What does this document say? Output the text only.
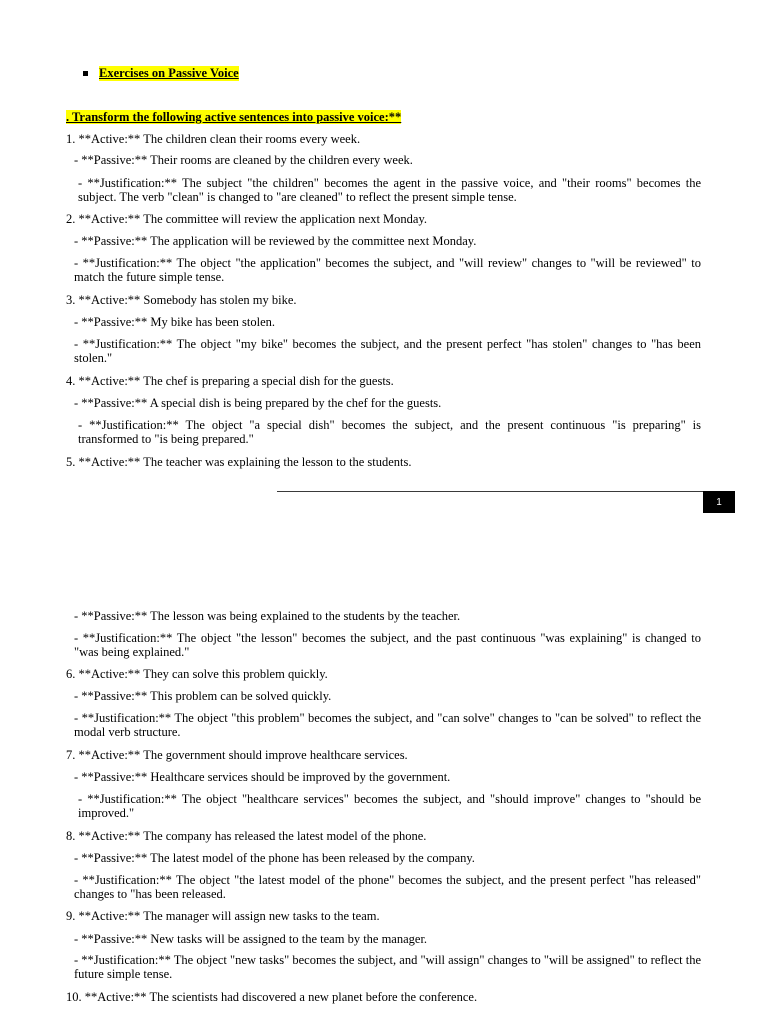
Exercises on Passive Voice
. Transform the following active sentences into passive voice:**

1. **Active:** The children clean their rooms every week.

- **Passive:** Their rooms are cleaned by the children every week.

- **Justification:** The subject "the children" becomes the agent in the passive voice, and "their rooms" becomes the subject. The verb "clean" is changed to "are cleaned" to reflect the present simple tense.

2. **Active:** The committee will review the application next Monday.

- **Passive:** The application will be reviewed by the committee next Monday.

- **Justification:** The object "the application" becomes the subject, and "will review" changes to "will be reviewed" to match the future simple tense.

3. **Active:** Somebody has stolen my bike.

- **Passive:** My bike has been stolen.

- **Justification:** The object "my bike" becomes the subject, and the present perfect "has stolen" changes to "has been stolen."

4. **Active:** The chef is preparing a special dish for the guests.

- **Passive:** A special dish is being prepared by the chef for the guests.

- **Justification:** The object "a special dish" becomes the subject, and the present continuous "is preparing" is transformed to "is being prepared."

5. **Active:** The teacher was explaining the lesson to the students.

1

- **Passive:** The lesson was being explained to the students by the teacher.

- **Justification:** The object "the lesson" becomes the subject, and the past continuous "was explaining" is changed to "was being explained."

6. **Active:** They can solve this problem quickly.

- **Passive:** This problem can be solved quickly.

- **Justification:** The object "this problem" becomes the subject, and "can solve" changes to "can be solved" to reflect the modal verb structure.

7. **Active:** The government should improve healthcare services.

- **Passive:** Healthcare services should be improved by the government.

- **Justification:** The object "healthcare services" becomes the subject, and "should improve" changes to "should be improved."

8. **Active:** The company has released the latest model of the phone.

- **Passive:** The latest model of the phone has been released by the company.

- **Justification:** The object "the latest model of the phone" becomes the subject, and the present perfect "has released" changes to "has been released.

9. **Active:** The manager will assign new tasks to the team.

- **Passive:** New tasks will be assigned to the team by the manager.

- **Justification:** The object "new tasks" becomes the subject, and "will assign" changes to "will be assigned" to reflect the future simple tense.

10. **Active:** The scientists had discovered a new planet before the conference.
